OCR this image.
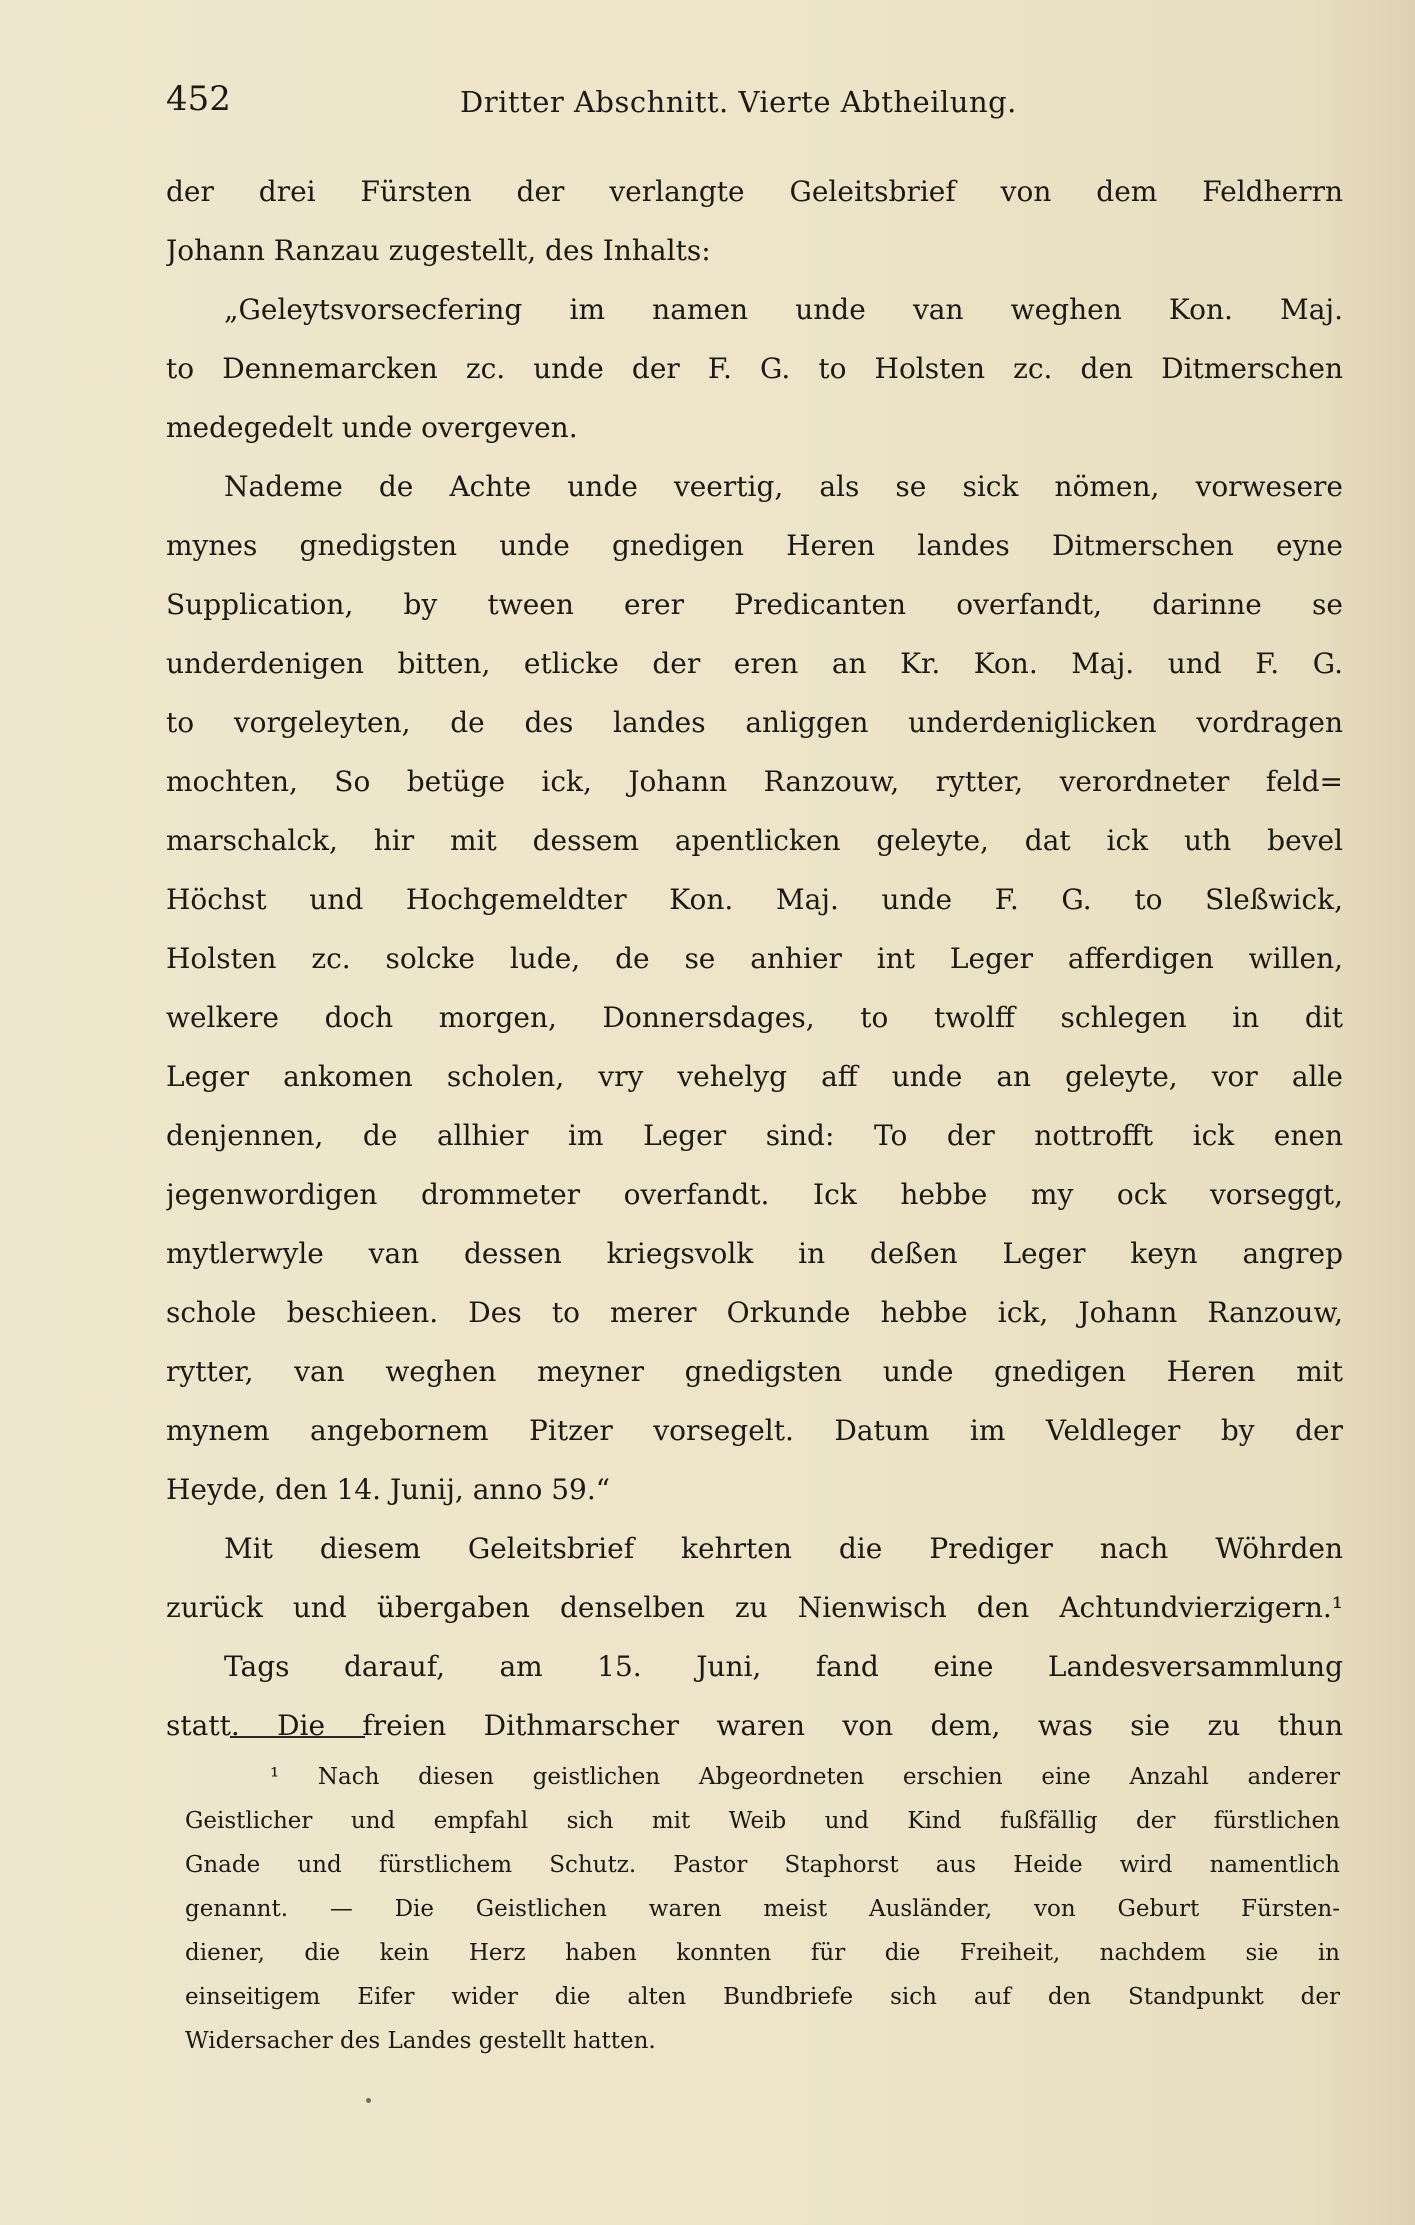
452	Dritter Abschnitt. Vierte Abtheilung.
der drei Fürsten der verlangte Geleitsbrief von dem Feldherrn
Johann Ranzau zugestellt, des Inhalts:
„Geleytsvorsecfering im namen unde van weghen Kon. Maj.
to Dennemarcken zc. unde der F. G. to Holsten zc. den Ditmerschen
medegedelt unde overgeven.
Nademe de Achte unde veertig, als se sick nömen, vorwesere
mynes gnedigsten unde gnedigen Heren landes Ditmerschen eyne
Supplication, by tween erer Predicanten overfandt, darinne se
underdenigen bitten, etlicke der eren an Kr. Kon. Maj. und F. G.
to vorgeleyten, de des landes anliggen underdeniglicken vordragen
mochten, So betüge ick, Johann Ranzouw, rytter, verordneter feld=
marschalck, hir mit dessem apentlicken geleyte, dat ick uth bevel
Höchst und Hochgemeldter Kon. Maj. unde F. G. to Sleßwick,
Holsten zc. solcke lude, de se anhier int Leger afferdigen willen,
welkere doch morgen, Donnersdages, to twolff schlegen in dit
Leger ankomen scholen, vry vehelyg aff unde an geleyte, vor alle
denjennen, de allhier im Leger sind: To der nottrofft ick enen
jegenwordigen drommeter overfandt. Ick hebbe my ock vorseggt,
mytlerwyle van dessen kriegsvolk in deßen Leger keyn angrep
schole beschieen. Des to merer Orkunde hebbe ick, Johann Ranzouw,
rytter, van weghen meyner gnedigsten unde gnedigen Heren mit
mynem angebornem Pitzer vorsegelt. Datum im Veldleger by der
Heyde, den 14. Junij, anno 59.“
Mit diesem Geleitsbrief kehrten die Prediger nach Wöhrden
zurück und übergaben denselben zu Nienwisch den Achtundvierzigern.¹
Tags darauf, am 15. Juni, fand eine Landesversammlung
statt. Die freien Dithmarscher waren von dem, was sie zu thun
¹ Nach diesen geistlichen Abgeordneten erschien eine Anzahl anderer
Geistlicher und empfahl sich mit Weib und Kind fußfällig der fürstlichen
Gnade und fürstlichem Schutz. Pastor Staphorst aus Heide wird namentlich
genannt. — Die Geistlichen waren meist Ausländer, von Geburt Fürsten-
diener, die kein Herz haben konnten für die Freiheit, nachdem sie in
einseitigem Eifer wider die alten Bundbriefe sich auf den Standpunkt der
Widersacher des Landes gestellt hatten.
